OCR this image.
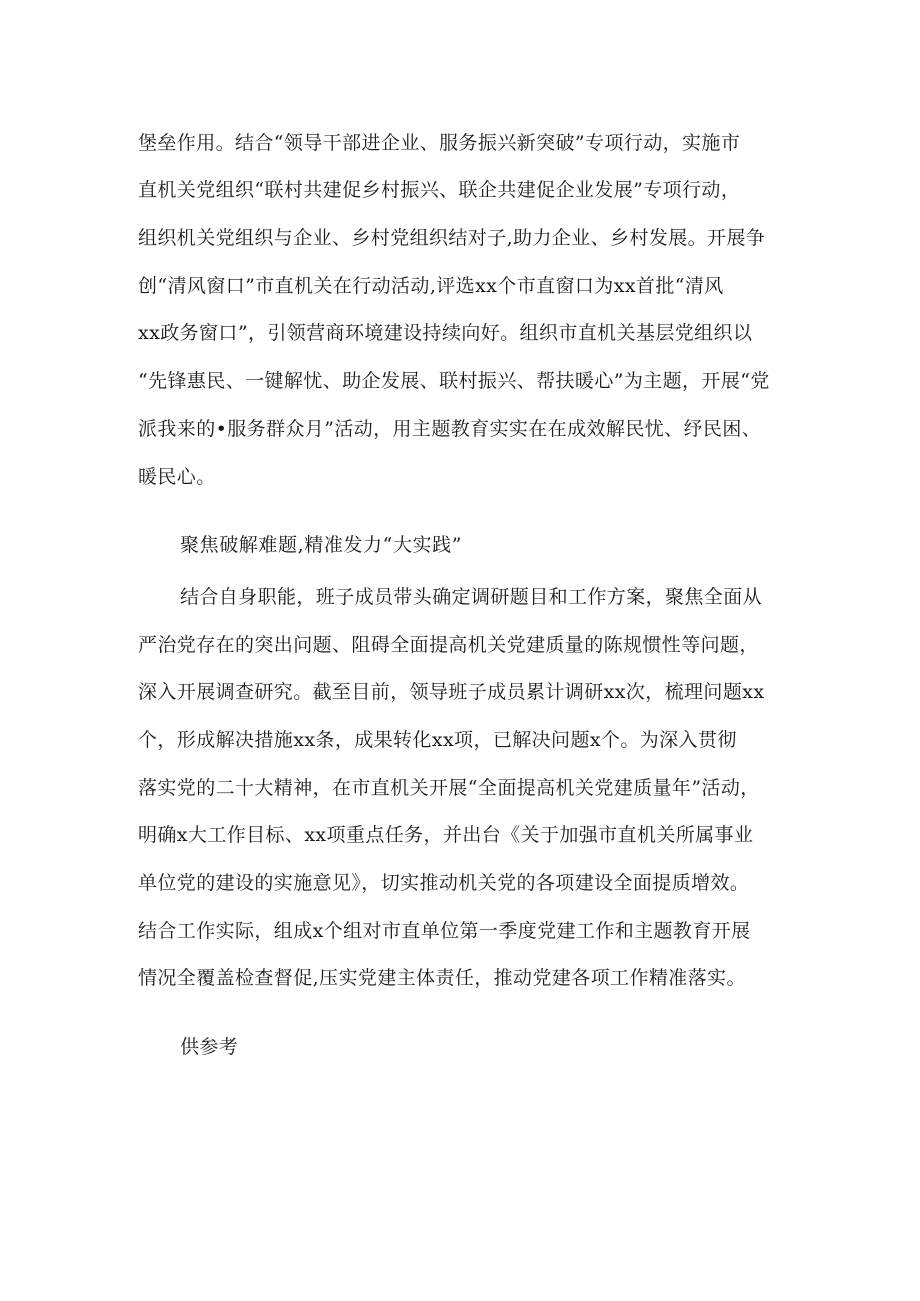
堡垒作用。结合“领导干部进企业、服务振兴新突破”专项行动，实施市
直机关党组织“联村共建促乡村振兴、联企共建促企业发展”专项行动，
组织机关党组织与企业、乡村党组织结对子,助力企业、乡村发展。开展争
创“清风窗口”市直机关在行动活动,评选xx个市直窗口为xx首批“清风
xx政务窗口”，引领营商环境建设持续向好。组织市直机关基层党组织以
“先锋惠民、一键解忧、助企发展、联村振兴、帮扶暖心”为主题，开展“党
派我来的•服务群众月”活动，用主题教育实实在在成效解民忧、纾民困、
暖民心。
聚焦破解难题,精准发力“大实践”
结合自身职能，班子成员带头确定调研题目和工作方案，聚焦全面从
严治党存在的突出问题、阻碍全面提高机关党建质量的陈规惯性等问题，
深入开展调查研究。截至目前，领导班子成员累计调研xx次，梳理问题xx
个，形成解决措施xx条，成果转化xx项，已解决问题x个。为深入贯彻
落实党的二十大精神，在市直机关开展“全面提高机关党建质量年”活动，
明确x大工作目标、xx项重点任务，并出台《关于加强市直机关所属事业
单位党的建设的实施意见》，切实推动机关党的各项建设全面提质增效。
结合工作实际，组成x个组对市直单位第一季度党建工作和主题教育开展
情况全覆盖检查督促,压实党建主体责任，推动党建各项工作精准落实。
供参考
